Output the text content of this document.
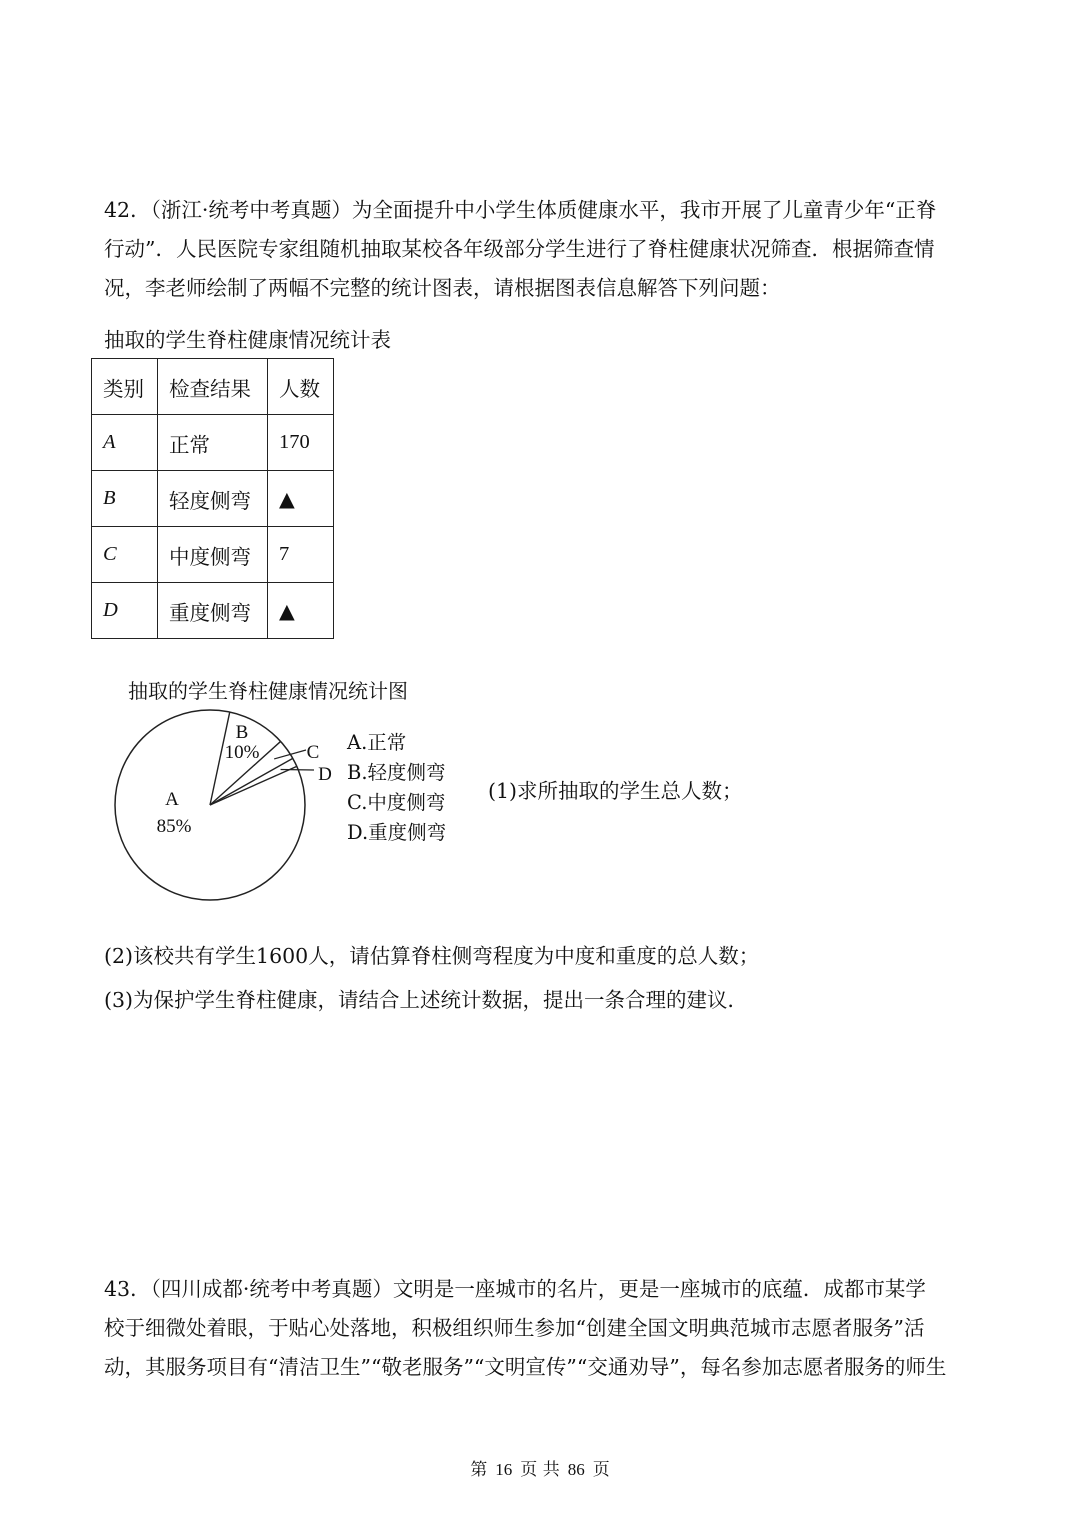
42．（浙江·统考中考真题）为全面提升中小学生体质健康水平，我市开展了儿童青少年“正脊
行动”．人民医院专家组随机抽取某校各年级部分学生进行了脊柱健康状况筛查．根据筛查情
况，李老师绘制了两幅不完整的统计图表，请根据图表信息解答下列问题：
抽取的学生脊柱健康情况统计表
类别	检查结果	人数
A	正常	170
B	轻度侧弯	▲
C	中度侧弯	7
D	重度侧弯	▲
抽取的学生脊柱健康情况统计图
B
10%
A
85%
C
D
A.正常
B.轻度侧弯
C.中度侧弯
D.重度侧弯
(1)求所抽取的学生总人数；
(2)该校共有学生1600人，请估算脊柱侧弯程度为中度和重度的总人数；
(3)为保护学生脊柱健康，请结合上述统计数据，提出一条合理的建议．
43．（四川成都·统考中考真题）文明是一座城市的名片，更是一座城市的底蕴．成都市某学
校于细微处着眼，于贴心处落地，积极组织师生参加“创建全国文明典范城市志愿者服务”活
动，其服务项目有“清洁卫生”“敬老服务”“文明宣传”“交通劝导”，每名参加志愿者服务的师生
第 16 页 共 86 页
